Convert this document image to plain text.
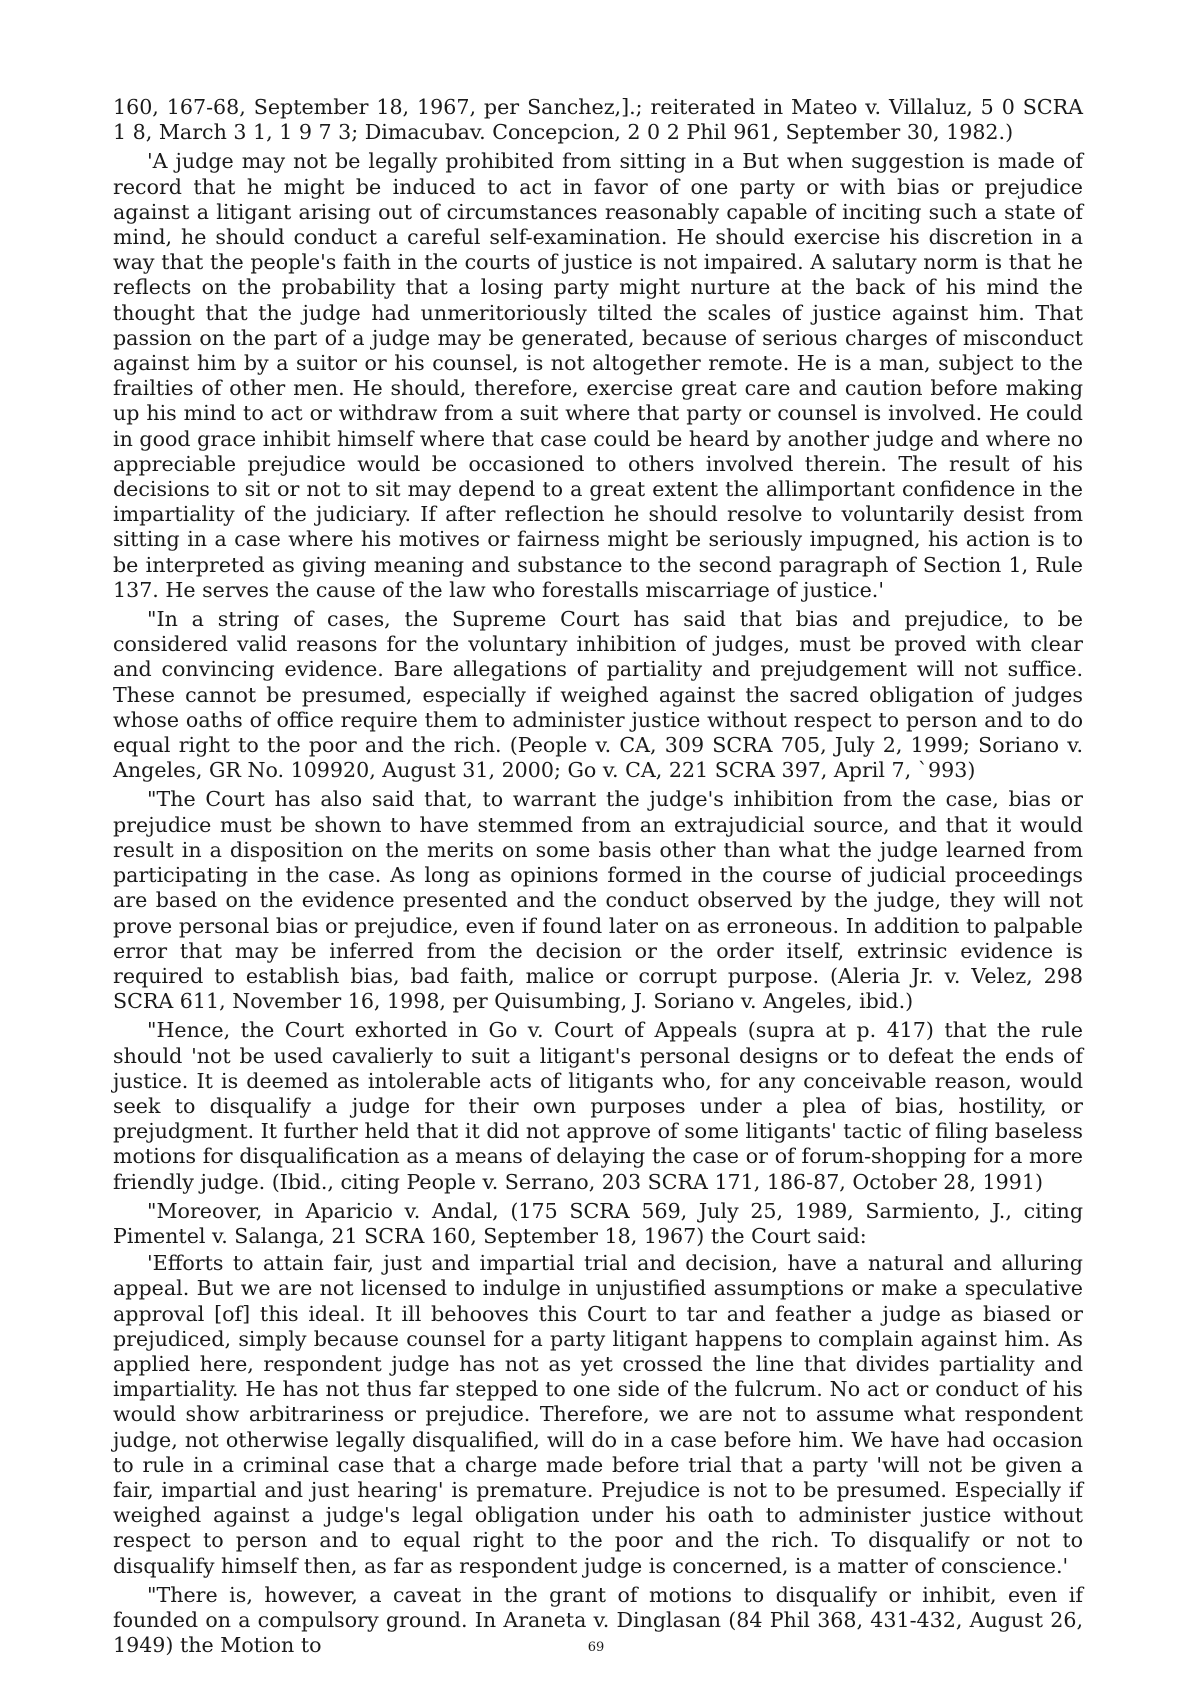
160, 167-68, September 18, 1967, per Sanchez,].; reiterated in Mateo v. Villaluz, 5 0 SCRA 1 8, March 3 1, 1 9 7 3; Dimacubav. Concepcion, 2 0 2 Phil 961, September 30, 1982.)

'A judge may not be legally prohibited from sitting in a But when suggestion is made of record that he might be induced to act in favor of one party or with bias or prejudice against a litigant arising out of circumstances reasonably capable of inciting such a state of mind, he should conduct a careful self-examination. He should exercise his discretion in a way that the people's faith in the courts of justice is not impaired. A salutary norm is that he reflects on the probability that a losing party might nurture at the back of his mind the thought that the judge had unmeritoriously tilted the scales of justice against him. That passion on the part of a judge may be generated, because of serious charges of misconduct against him by a suitor or his counsel, is not altogether remote. He is a man, subject to the frailties of other men. He should, therefore, exercise great care and caution before making up his mind to act or withdraw from a suit where that party or counsel is involved. He could in good grace inhibit himself where that case could be heard by another judge and where no appreciable prejudice would be occasioned to others involved therein. The result of his decisions to sit or not to sit may depend to a great extent the allimportant confidence in the impartiality of the judiciary. If after reflection he should resolve to voluntarily desist from sitting in a case where his motives or fairness might be seriously impugned, his action is to be interpreted as giving meaning and substance to the second paragraph of Section 1, Rule 137. He serves the cause of the law who forestalls miscarriage of justice.'

"In a string of cases, the Supreme Court has said that bias and prejudice, to be considered valid reasons for the voluntary inhibition of judges, must be proved with clear and convincing evidence. Bare allegations of partiality and prejudgement will not suffice. These cannot be presumed, especially if weighed against the sacred obligation of judges whose oaths of office require them to administer justice without respect to person and to do equal right to the poor and the rich. (People v. CA, 309 SCRA 705, July 2, 1999; Soriano v. Angeles, GR No. 109920, August 31, 2000; Go v. CA, 221 SCRA 397, April 7, `993)

"The Court has also said that, to warrant the judge's inhibition from the case, bias or prejudice must be shown to have stemmed from an extrajudicial source, and that it would result in a disposition on the merits on some basis other than what the judge learned from participating in the case. As long as opinions formed in the course of judicial proceedings are based on the evidence presented and the conduct observed by the judge, they will not prove personal bias or prejudice, even if found later on as erroneous. In addition to palpable error that may be inferred from the decision or the order itself, extrinsic evidence is required to establish bias, bad faith, malice or corrupt purpose. (Aleria Jr. v. Velez, 298 SCRA 611, November 16, 1998, per Quisumbing, J. Soriano v. Angeles, ibid.)

"Hence, the Court exhorted in Go v. Court of Appeals (supra at p. 417) that the rule should 'not be used cavalierly to suit a litigant's personal designs or to defeat the ends of justice. It is deemed as intolerable acts of litigants who, for any conceivable reason, would seek to disqualify a judge for their own purposes under a plea of bias, hostility, or prejudgment. It further held that it did not approve of some litigants' tactic of filing baseless motions for disqualification as a means of delaying the case or of forum-shopping for a more friendly judge. (Ibid., citing People v. Serrano, 203 SCRA 171, 186-87, October 28, 1991)

"Moreover, in Aparicio v. Andal, (175 SCRA 569, July 25, 1989, Sarmiento, J., citing Pimentel v. Salanga, 21 SCRA 160, September 18, 1967) the Court said:

'Efforts to attain fair, just and impartial trial and decision, have a natural and alluring appeal. But we are not licensed to indulge in unjustified assumptions or make a speculative approval [of] this ideal. It ill behooves this Court to tar and feather a judge as biased or prejudiced, simply because counsel for a party litigant happens to complain against him. As applied here, respondent judge has not as yet crossed the line that divides partiality and impartiality. He has not thus far stepped to one side of the fulcrum. No act or conduct of his would show arbitrariness or prejudice. Therefore, we are not to assume what respondent judge, not otherwise legally disqualified, will do in a case before him. We have had occasion to rule in a criminal case that a charge made before trial that a party 'will not be given a fair, impartial and just hearing' is premature. Prejudice is not to be presumed. Especially if weighed against a judge's legal obligation under his oath to administer justice without respect to person and to equal right to the poor and the rich. To disqualify or not to disqualify himself then, as far as respondent judge is concerned, is a matter of conscience.'

"There is, however, a caveat in the grant of motions to disqualify or inhibit, even if founded on a compulsory ground. In Araneta v. Dinglasan (84 Phil 368, 431-432, August 26, 1949) the Motion to	69
